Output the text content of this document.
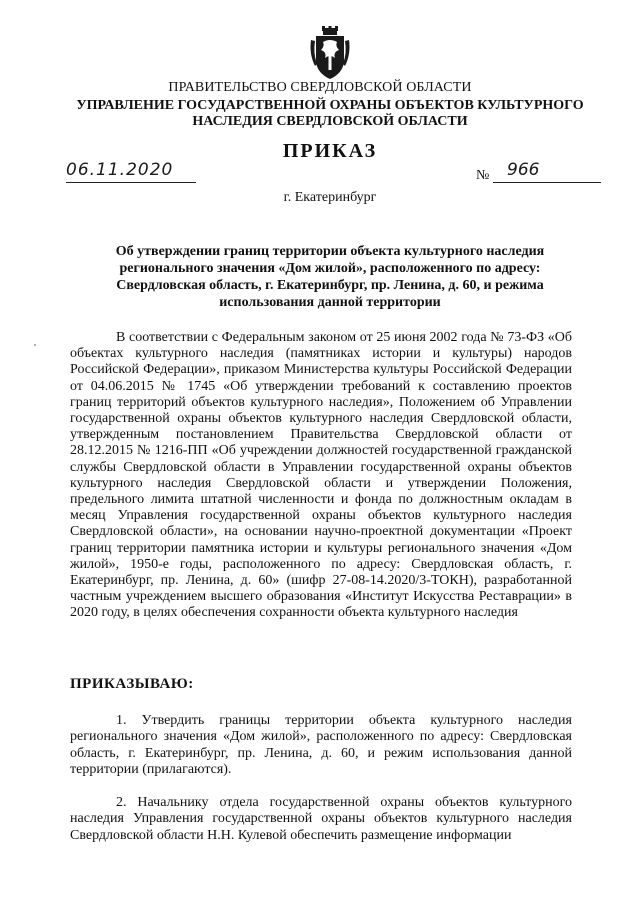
ПРАВИТЕЛЬСТВО СВЕРДЛОВСКОЙ ОБЛАСТИ
УПРАВЛЕНИЕ ГОСУДАРСТВЕННОЙ ОХРАНЫ ОБЪЕКТОВ КУЛЬТУРНОГО НАСЛЕДИЯ СВЕРДЛОВСКОЙ ОБЛАСТИ
ПРИКАЗ
06.11.2020	№ 966
г. Екатеринбург
Об утверждении границ территории объекта культурного наследия регионального значения «Дом жилой», расположенного по адресу: Свердловская область, г. Екатеринбург, пр. Ленина, д. 60, и режима использования данной территории

В соответствии с Федеральным законом от 25 июня 2002 года № 73-ФЗ «Об объектах культурного наследия (памятниках истории и культуры) народов Российской Федерации», приказом Министерства культуры Российской Федерации от 04.06.2015 № 1745 «Об утверждении требований к составлению проектов границ территорий объектов культурного наследия», Положением об Управлении государственной охраны объектов культурного наследия Свердловской области, утвержденным постановлением Правительства Свердловской области от 28.12.2015 № 1216-ПП «Об учреждении должностей государственной гражданской службы Свердловской области в Управлении государственной охраны объектов культурного наследия Свердловской области и утверждении Положения, предельного лимита штатной численности и фонда по должностным окладам в месяц Управления государственной охраны объектов культурного наследия Свердловской области», на основании научно-проектной документации «Проект границ территории памятника истории и культуры регионального значения «Дом жилой», 1950-е годы, расположенного по адресу: Свердловская область, г. Екатеринбург, пр. Ленина, д. 60» (шифр 27-08-14.2020/3-ТОКН), разработанной частным учреждением высшего образования «Институт Искусства Реставрации» в 2020 году, в целях обеспечения сохранности объекта культурного наследия

ПРИКАЗЫВАЮ:

1. Утвердить границы территории объекта культурного наследия регионального значения «Дом жилой», расположенного по адресу: Свердловская область, г. Екатеринбург, пр. Ленина, д. 60, и режим использования данной территории (прилагаются).

2. Начальнику отдела государственной охраны объектов культурного наследия Управления государственной охраны объектов культурного наследия Свердловской области Н.Н. Кулевой обеспечить размещение информации
